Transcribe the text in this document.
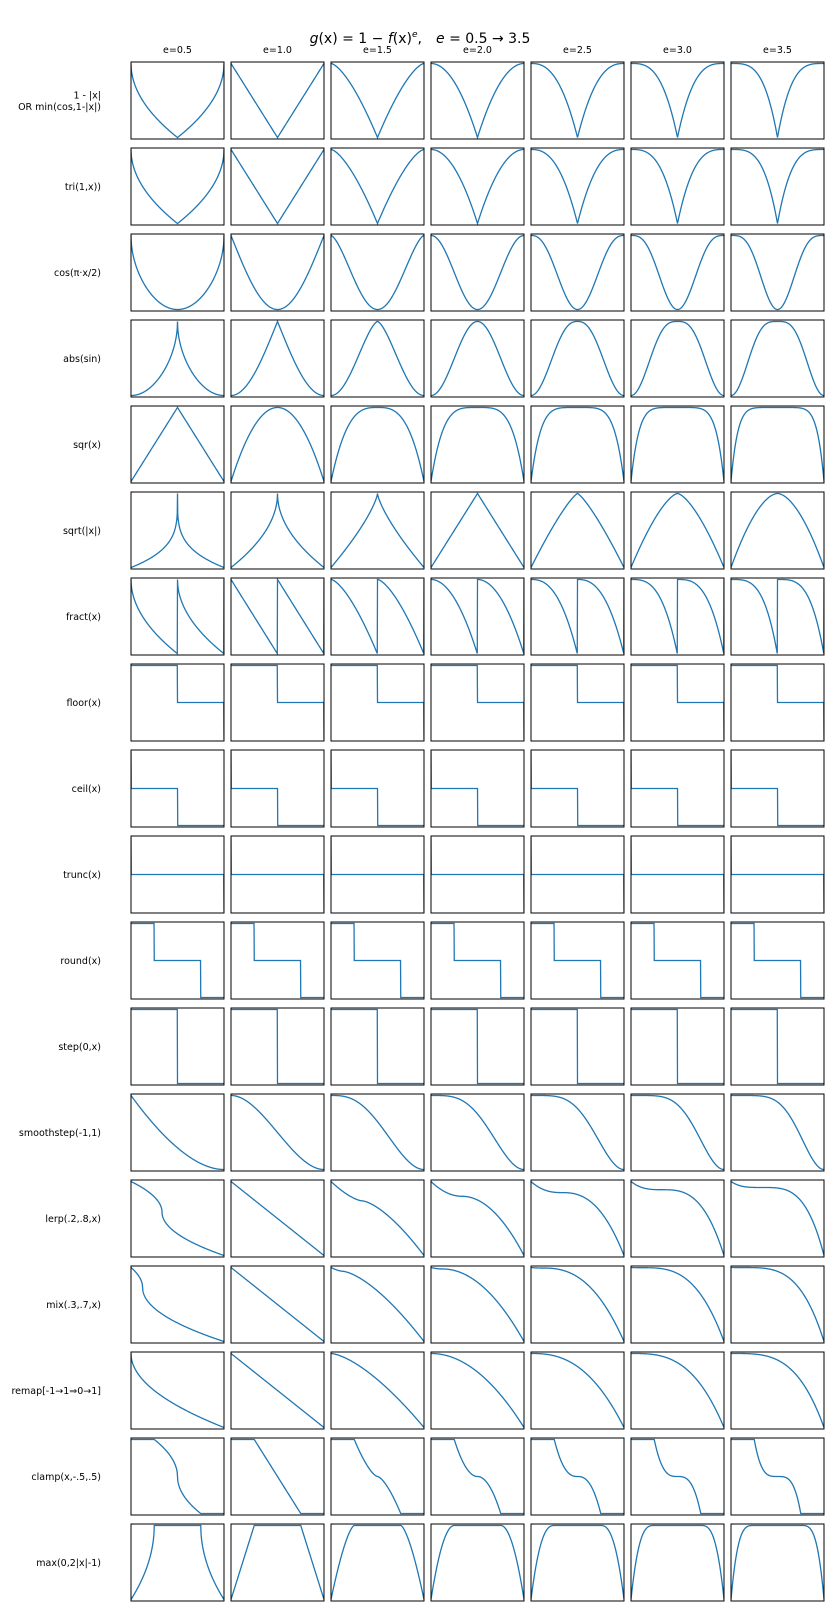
$g(x) = 1 - f(x)^e$, e = 0.5 → 3.5
e=0.5	e=1.0	e=1.5	e=2.0	e=2.5	e=3.0	e=3.5
1 - |x|
OR min(cos,1-|x|)
tri(1,x))
cos(π·x/2)
abs(sin)
sqr(x)
sqrt(|x|)
fract(x)
floor(x)
ceil(x)
trunc(x)
round(x)
step(0,x)
smoothstep(-1,1)
lerp(.2,.8,x)
mix(.3,.7,x)
remap[-1→1⇒0→1]
clamp(x,-.5,.5)
max(0,2|x|-1)
